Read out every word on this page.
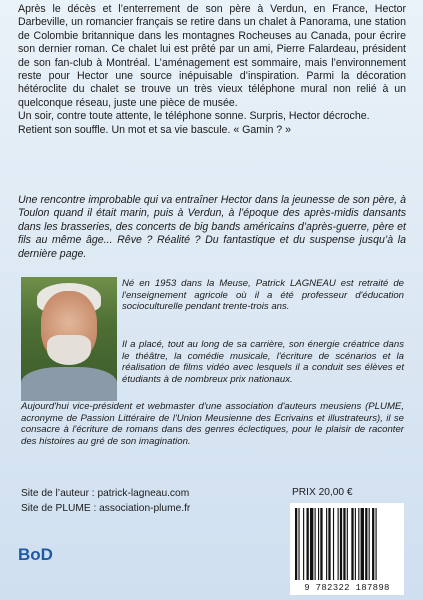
Après le décès et l’enterrement de son père à Verdun, en France, Hector Darbeville, un romancier français se retire dans un chalet à Panorama, une station de Colombie britannique dans les montagnes Rocheuses au Canada, pour écrire son dernier roman. Ce chalet lui est prêté par un ami, Pierre Falardeau, président de son fan-club à Montréal. L’aménagement est sommaire, mais l’environnement reste pour Hector une source inépuisable d’inspiration. Parmi la décoration hétéroclite du chalet se trouve un très vieux téléphone mural non relié à un quelconque réseau, juste une pièce de musée.

Un soir, contre toute attente, le téléphone sonne. Surpris, Hector décroche.

Retient son souffle. Un mot et sa vie bascule. « Gamin ? »

Une rencontre improbable qui va entraîner Hector dans la jeunesse de son père, à Toulon quand il était marin, puis à Verdun, à l’époque des après-midis dansants dans les brasseries, des concerts de big bands américains d’après-guerre, père et fils au même âge... Rêve ? Réalité ? Du fantastique et du suspense jusqu’à la dernière page.

Né en 1953 dans la Meuse, Patrick LAGNEAU est retraité de l'enseignement agricole où il a été professeur d'éducation socioculturelle pendant trente-trois ans.

Il a placé, tout au long de sa carrière, son énergie créatrice dans le théâtre, la comédie musicale, l'écriture de scénarios et la réalisation de films vidéo avec lesquels il a conduit ses élèves et étudiants à de nombreux prix nationaux.

Aujourd'hui vice-président et webmaster d'une association d'auteurs meusiens (PLUME, acronyme de Passion Littéraire de l'Union Meusienne des Ecrivains et illustrateurs), il se consacre à l'écriture de romans dans des genres éclectiques, pour le plaisir de raconter des histoires au gré de son imagination.

Site de l’auteur : patrick-lagneau.com
Site de PLUME : association-plume.fr
PRIX 20,00 €
9 782322 187898
BoD
